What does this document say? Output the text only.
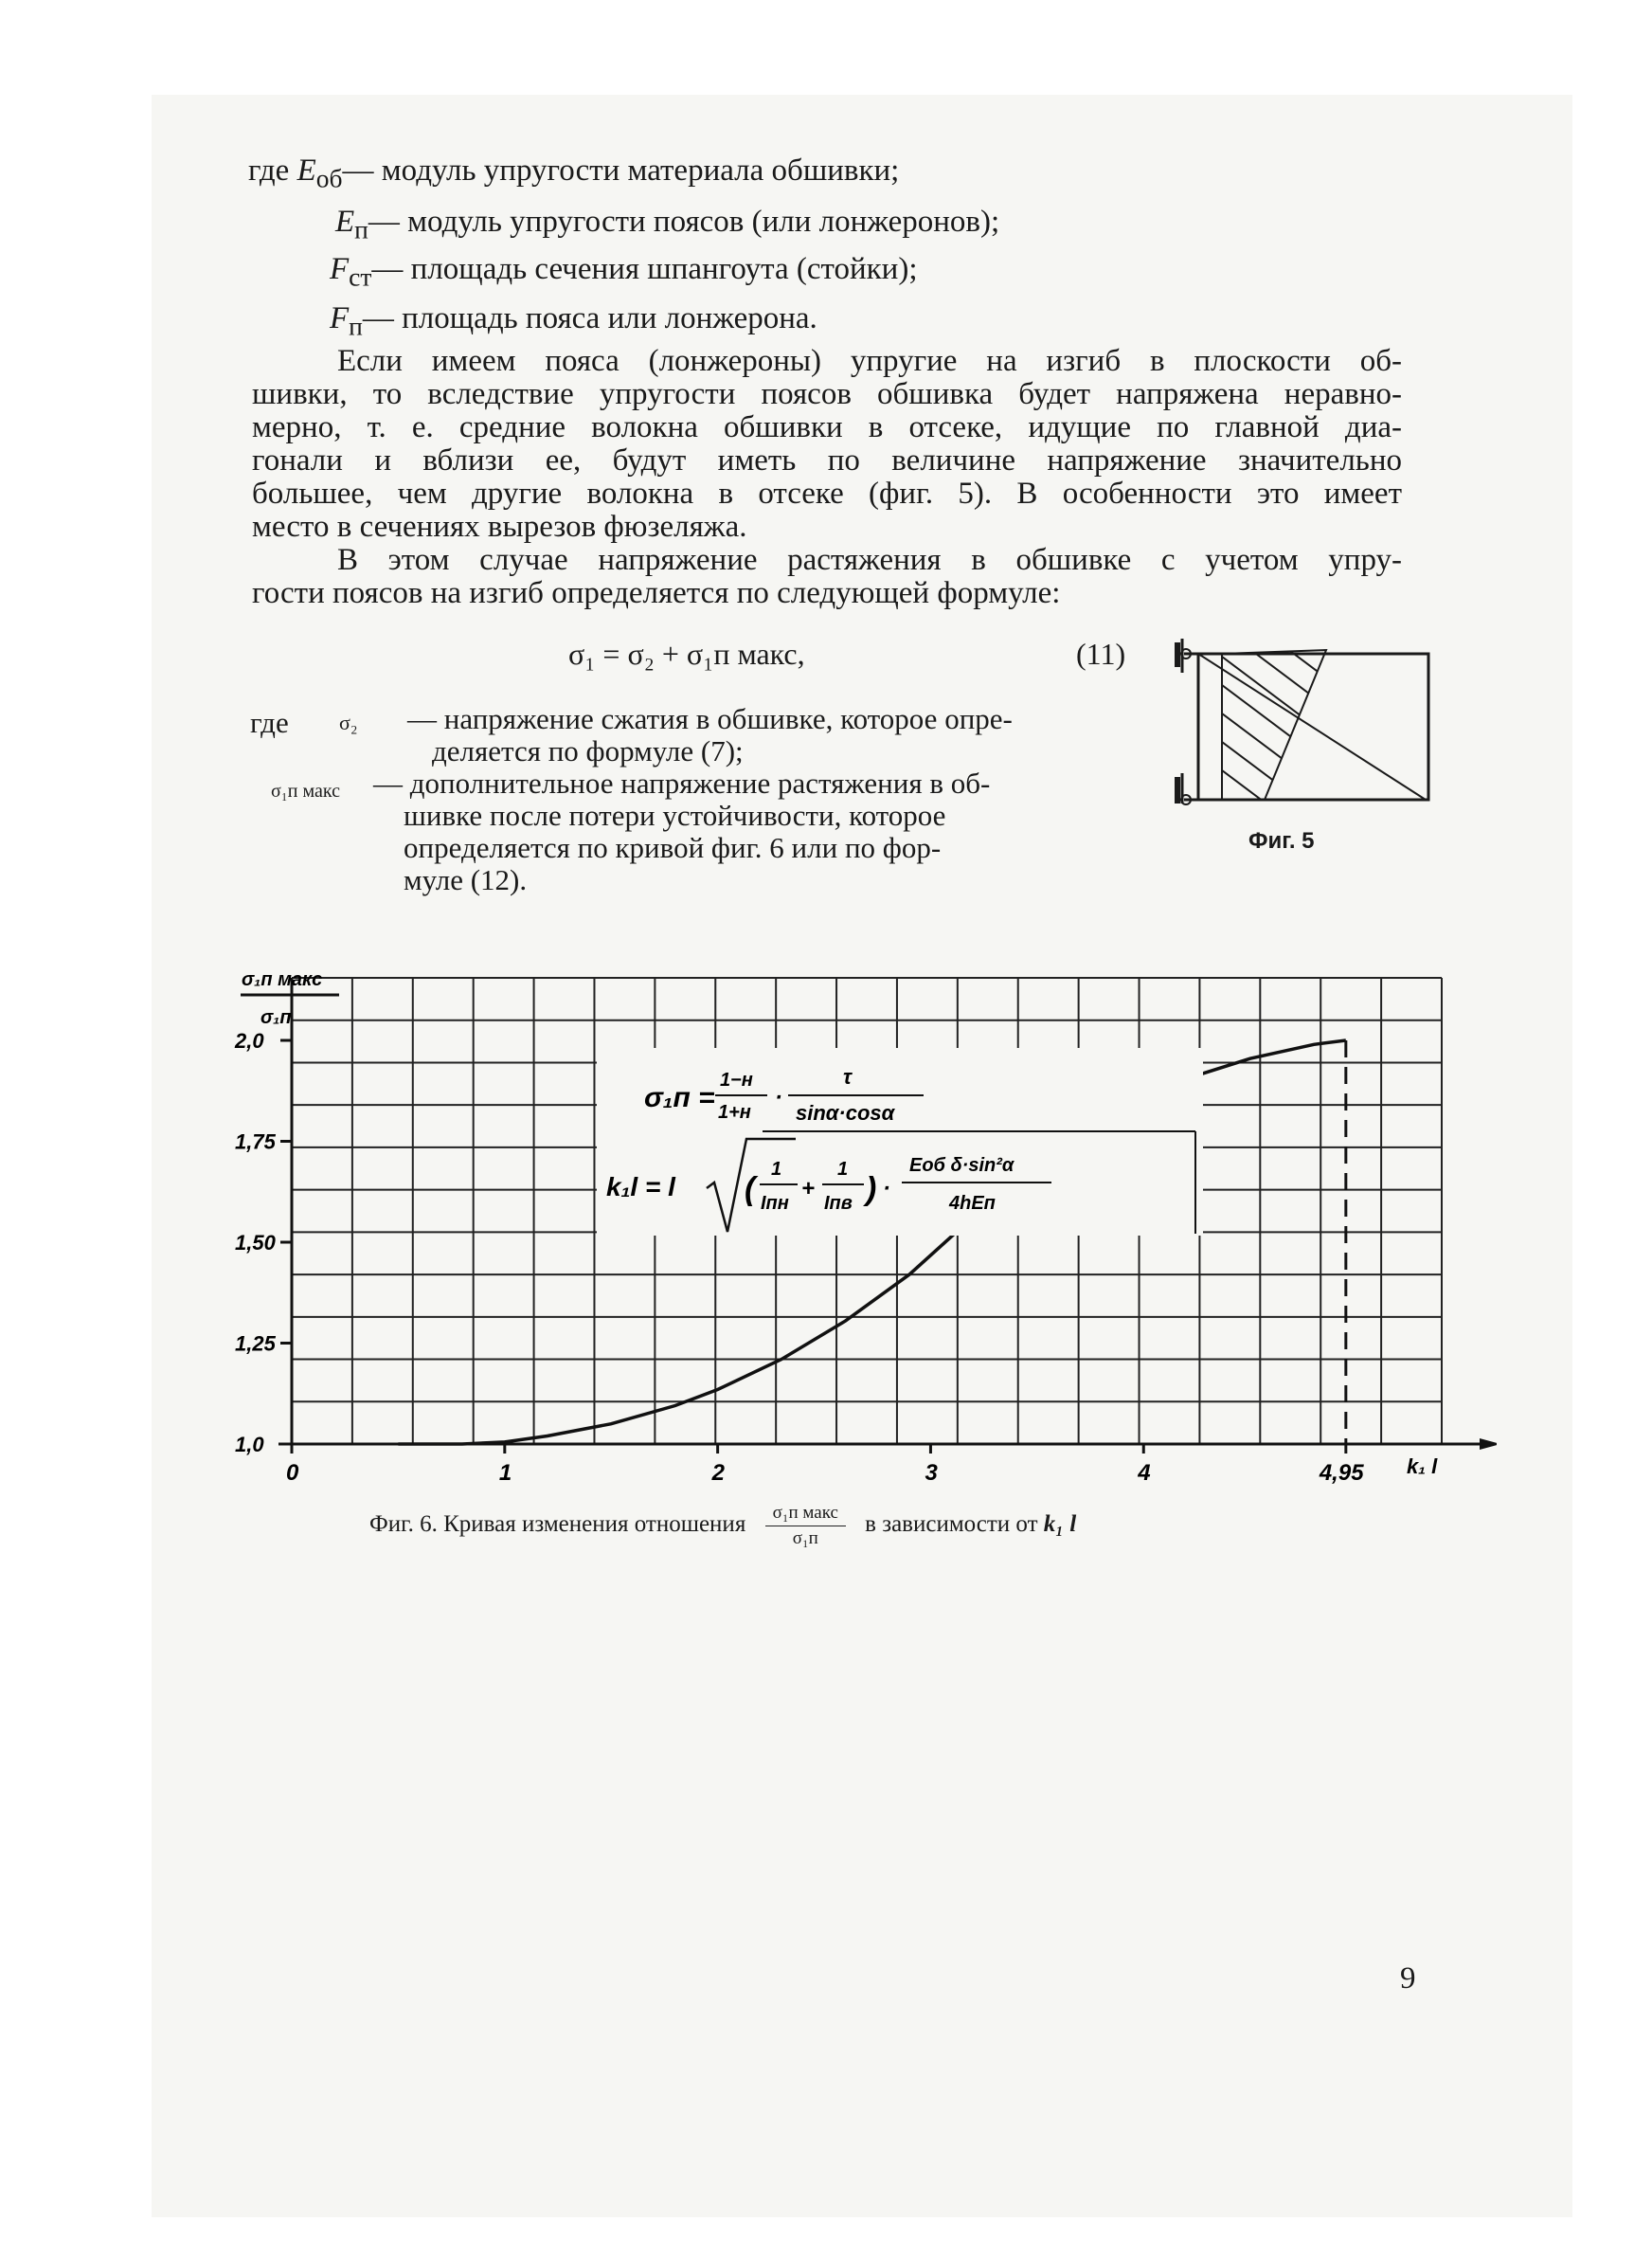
где $E_{об}—$ модуль упругости материала обшивки;
$E_п—$ модуль упругости поясов (или лонжеронов);
$F_{ст}—$ площадь сечения шпангоута (стойки);
$F_п—$ площадь пояса или лонжерона.
Если имеем пояса (лонжероны) упругие на изгиб в плоскости об-
шивки, то вследствие упругости поясов обшивка будет напряжена неравно-
мерно, т. е. средние волокна обшивки в отсеке, идущие по главной диа-
гонали и вблизи ее, будут иметь по величине напряжение значительно
большее, чем другие волокна в отсеке (фиг. 5). В особенности это имеет
место в сечениях вырезов фюзеляжа.
В этом случае напряжение растяжения в обшивке с учетом упру-
гости поясов на изгиб определяется по следующей формуле:
σ₁ = σ₂ + σ₁п макс,	(11)
где σ₂ — напряжение сжатия в обшивке, которое опре-
деляется по формуле (7);
σ₁п макс — дополнительное напряжение растяжения в об-
шивке после потери устойчивости, которое
определяется по кривой фиг. 6 или по фор-
муле (12).
Фиг. 5
1,0
1,25
1,50
1,75
2,0
0	1	2	3	4	4,95
σ₁п макс
σ₁п
k₁ l
σ₁п =
1−н
1+н
·
τ
sinα·cosα
k₁l = l (
1
Iпн
+
1
Iпв ) ·
Eоб δ·sin²α
4hEп
Фиг. 6. Кривая изменения отношения $\frac{\text{σ₁п макс}}{\text{σ₁п}}$ в зависимости от k₁ l
9
